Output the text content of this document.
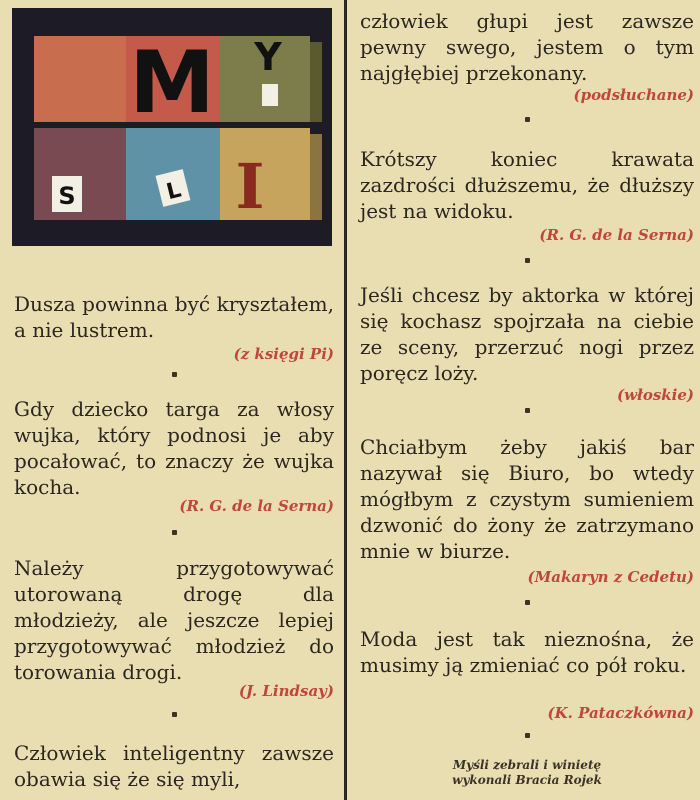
M Y
S	L I

Dusza powinna być kryształem, a nie lustrem.

(z księgi Pi)

Gdy dziecko targa za włosy wujka, który podnosi je aby pocałować, to znaczy że wujka kocha.

(R. G. de la Serna)

Należy przygotowywać utorowaną drogę dla młodzieży, ale jeszcze lepiej przygotowywać młodzież do torowania drogi.

(J. Lindsay)

Człowiek inteligentny zawsze obawia się że się myli,

człowiek głupi jest zawsze pewny swego, jestem o tym najgłębiej przekonany.

(podsłuchane)

Krótszy koniec krawata zazdrości dłuższemu, że dłuższy jest na widoku.

(R. G. de la Serna)

Jeśli chcesz by aktorka w której się kochasz spojrzała na ciebie ze sceny, przerzuć nogi przez poręcz loży.

(włoskie)

Chciałbym żeby jakiś bar nazywał się Biuro, bo wtedy mógłbym z czystym sumieniem dzwonić do żony że zatrzymano mnie w biurze.

(Makaryn z Cedetu)

Moda jest tak nieznośna, że musimy ją zmieniać co pół roku.

(K. Pataczkówna)

Myśli zebrali i winietę
wykonali Bracia Rojek
